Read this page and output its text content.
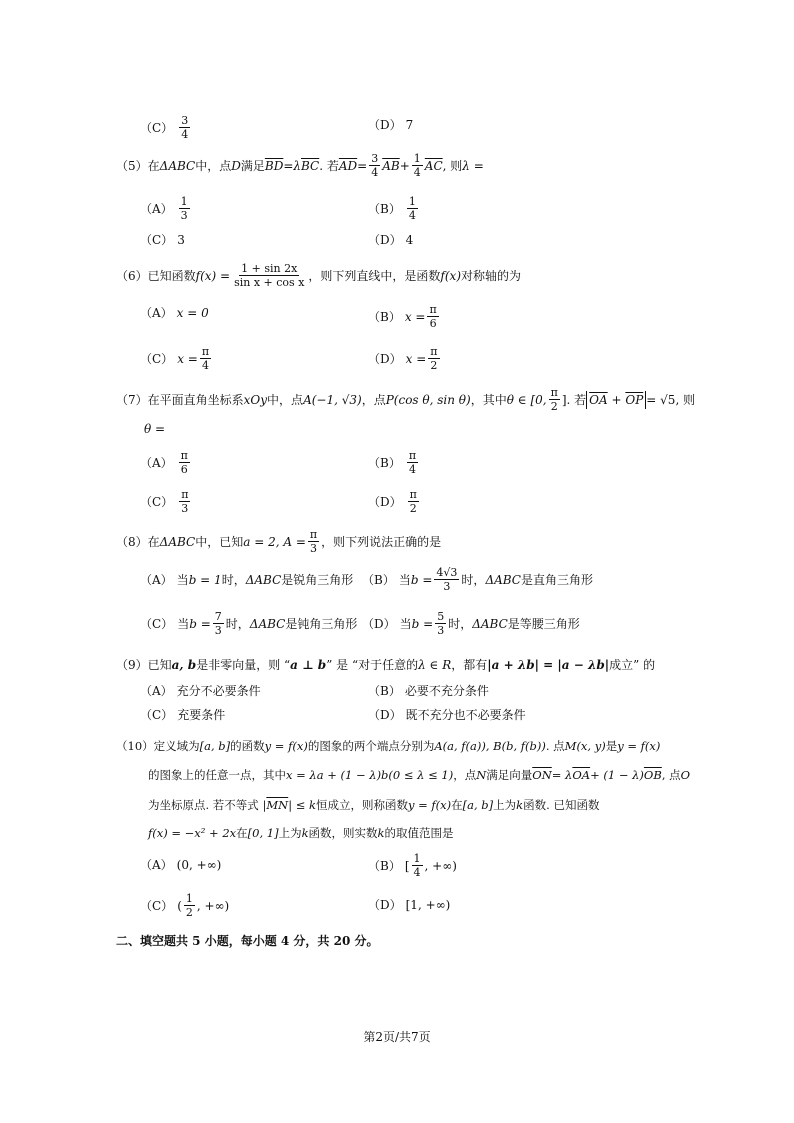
$(C) \frac{3}{4}$	（D） 7
（5） 在 ΔABC 中，点 D 满足 $\overline{BD} = \lambda$ $\overline{BC}$ . 若 $\overline{AD} = \frac{3}{4} \overline{AB} + \frac{1}{4} \overline{AC}$ , 则 λ =
$(A) \frac{1}{3}$	$(B) \frac{1}{4}$
（C） 3	（D） 4
（6） 已知函数 $f(x) = \frac{1 + \sin 2x}{\text{sin x + cos x}}$ ，则下列直线中，是函数 f(x) 对称轴的为
（A） x = 0	（B） $x = \frac{\pi}{6}$
（C） $x = \frac{\pi}{4}$	（D） $x = \frac{\pi}{2}$
（7） 在平面直角坐标系 xOy 中，点 A(−1, √3) ，点 P(cos θ, sin θ) ，其中 θ ∈ [0, $\frac{\pi}{2}$ ] . 若 $\overline{OA} + \overline{OP} = √5$ , 则
θ =
$(A) \frac{\pi}{6}$	$(B) \frac{\pi}{4}$
$(C) \frac{\pi}{3}$	$(D) \frac{\pi}{2}$
（8） 在 ΔABC 中，已知 a = 2, $A = \frac{\pi}{3}$ ，则下列说法正确的是
（A） 当 b = 1 时， ΔABC 是锐角三角形 （B） 当 $b = \frac{4√3}{3}$ 时， ΔABC 是直角三角形
（C） 当 $b = \frac{7}{3}$ 时， ΔABC 是钝角三角形 （D） 当 $b = \frac{5}{3}$ 时， ΔABC 是等腰三角形
（9） 已知 a, b 是非零向量，则 “ a ⊥ b ” 是 “对于任意的 λ ∈ R ，都有 |a + λb| = |a − λb| 成立” 的
（A） 充分不必要条件	（B） 必要不充分条件
（C） 充要条件	（D） 既不充分也不必要条件
（10） 定义域为 [a, b] 的函数 y = f(x) 的图象的两个端点分别为 A(a, f(a)), B(b, f(b)) . 点 M(x, y) 是 y = f(x)
的图象上的任意一点，其中 x = λa + (1 − λ)b(0 ≤ λ ≤ 1) ，点 N 满足向量 $\overline{ON} = \lambda$ $\overline{OA} + (1 - \lambda)$ $\overline{OB}$ , 点 O
为坐标原点. 若不等式 | $\overline{MN}$ | ≤ k 恒成立，则称函数 y = f(x) 在 [a, b] 上为 k 函数. 已知函数
f(x) = −x² + 2x 在 [0, 1] 上为 k 函数，则实数 k 的取值范围是
（A） (0, +∞)	（B） [ $\frac{1}{4}$ , +∞)
（C） ( $\frac{1}{2}$ , +∞)	（D） [1, +∞)
二、填空题共 5 小题，每小题 4 分，共 20 分。
第2页/共7页
